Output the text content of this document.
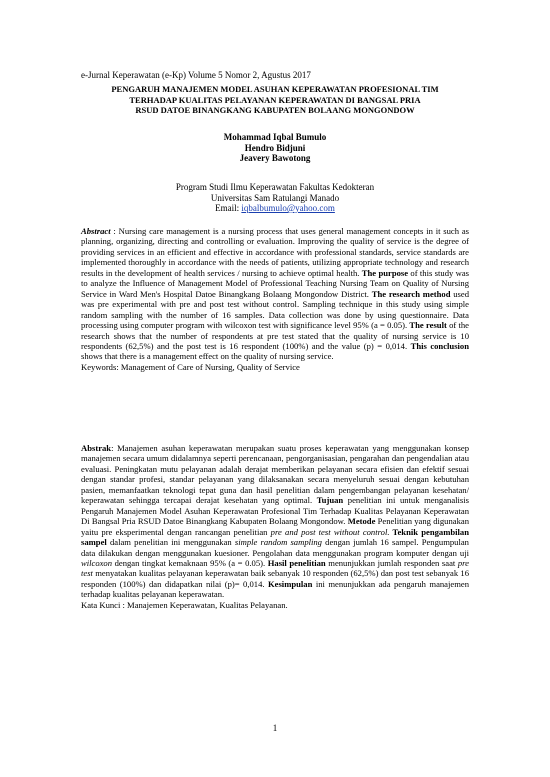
e-Jurnal Keperawatan (e-Kp) Volume 5 Nomor 2, Agustus 2017
PENGARUH MANAJEMEN MODEL ASUHAN KEPERAWATAN PROFESIONAL TIM
TERHADAP KUALITAS PELAYANAN KEPERAWATAN DI BANGSAL PRIA
RSUD DATOE BINANGKANG KABUPATEN BOLAANG MONGONDOW
Mohammad Iqbal Bumulo
Hendro Bidjuni
Jeavery Bawotong
Program Studi Ilmu Keperawatan Fakultas Kedokteran
Universitas Sam Ratulangi Manado
Email: iqbalbumulo@yahoo.com
Abstract : Nursing care management is a nursing process that uses general management concepts in it such as planning, organizing, directing and controlling or evaluation. Improving the quality of service is the degree of providing services in an efficient and effective in accordance with professional standards, service standards are implemented thoroughly in accordance with the needs of patients, utilizing appropriate technology and research results in the development of health services / nursing to achieve optimal health. The purpose of this study was to analyze the Influence of Management Model of Professional Teaching Nursing Team on Quality of Nursing Service in Ward Men's Hospital Datoe Binangkang Bolaang Mongondow District. The research method used was pre experimental with pre and post test without control. Sampling technique in this study using simple random sampling with the number of 16 samples. Data collection was done by using questionnaire. Data processing using computer program with wilcoxon test with significance level 95% (a = 0.05). The result of the research shows that the number of respondents at pre test stated that the quality of nursing service is 10 respondents (62,5%) and the post test is 16 respondent (100%) and the value (p) = 0,014. This conclusion shows that there is a management effect on the quality of nursing service.
Keywords: Management of Care of Nursing, Quality of Service
Abstrak: Manajemen asuhan keperawatan merupakan suatu proses keperawatan yang menggunakan konsep manajemen secara umum didalamnya seperti perencanaan, pengorganisasian, pengarahan dan pengendalian atau evaluasi. Peningkatan mutu pelayanan adalah derajat memberikan pelayanan secara efisien dan efektif sesuai dengan standar profesi, standar pelayanan yang dilaksanakan secara menyeluruh sesuai dengan kebutuhan pasien, memanfaatkan teknologi tepat guna dan hasil penelitian dalam pengembangan pelayanan kesehatan/ keperawatan sehingga tercapai derajat kesehatan yang optimal. Tujuan penelitian ini untuk menganalisis Pengaruh Manajemen Model Asuhan Keperawatan Profesional Tim Terhadap Kualitas Pelayanan Keperawatan Di Bangsal Pria RSUD Datoe Binangkang Kabupaten Bolaang Mongondow. Metode Penelitian yang digunakan yaitu pre eksperimental dengan rancangan penelitian pre and post test without control. Teknik pengambilan sampel dalam penelitian ini menggunakan simple random sampling dengan jumlah 16 sampel. Pengumpulan data dilakukan dengan menggunakan kuesioner. Pengolahan data menggunakan program komputer dengan uji wilcoxon dengan tingkat kemaknaan 95% (a = 0.05). Hasil penelitian menunjukkan jumlah responden saat pre test menyatakan kualitas pelayanan keperawatan baik sebanyak 10 responden (62,5%) dan post test sebanyak 16 responden (100%) dan didapatkan nilai (p)= 0,014. Kesimpulan ini menunjukkan ada pengaruh manajemen terhadap kualitas pelayanan keperawatan.
Kata Kunci : Manajemen Keperawatan, Kualitas Pelayanan.
1
